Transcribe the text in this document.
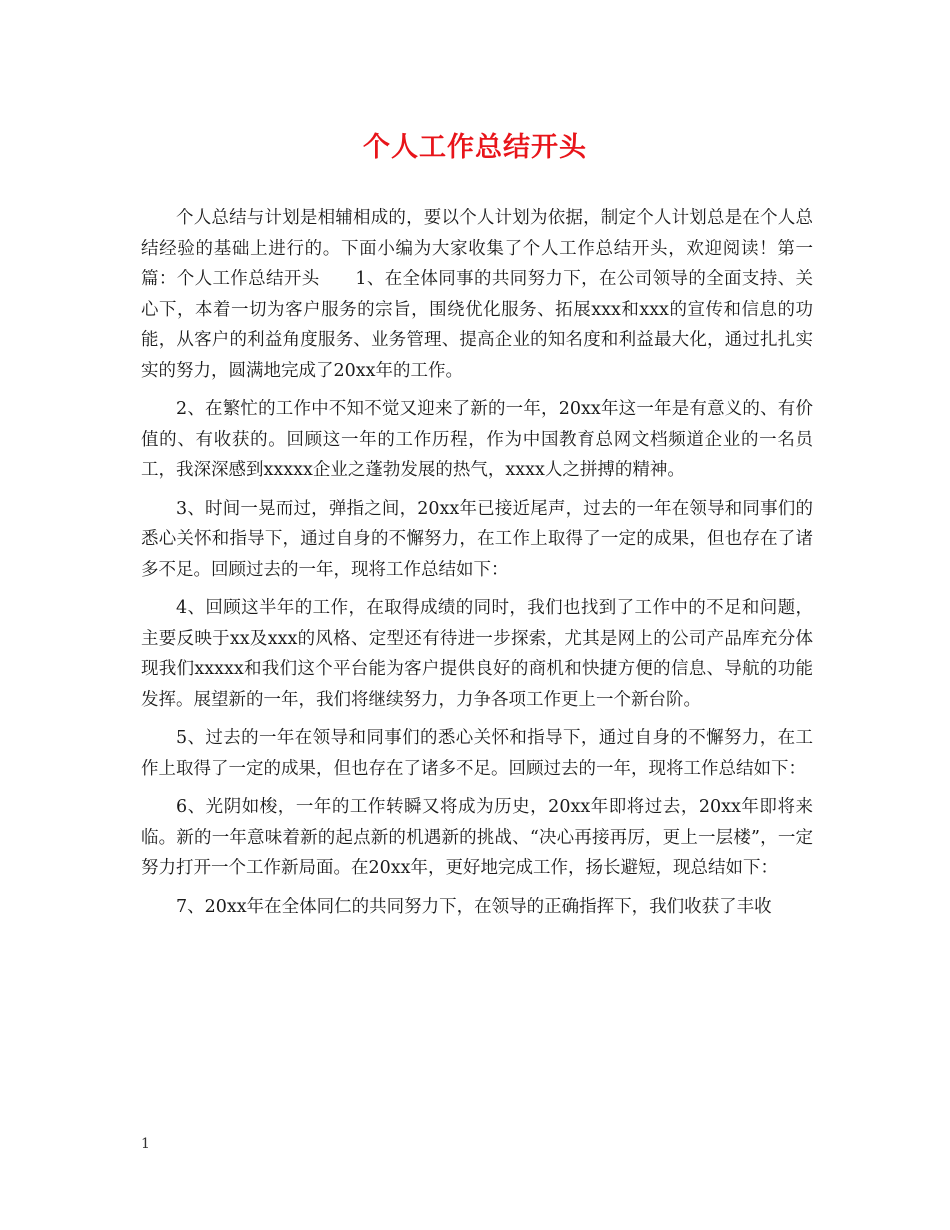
个人工作总结开头

个人总结与计划是相辅相成的，要以个人计划为依据，制定个人计划总是在个人总结经验的基础上进行的。下面小编为大家收集了个人工作总结开头，欢迎阅读！第一篇：个人工作总结开头　　1、在全体同事的共同努力下，在公司领导的全面支持、关心下，本着一切为客户服务的宗旨，围绕优化服务、拓展xxx和xxx的宣传和信息的功能，从客户的利益角度服务、业务管理、提高企业的知名度和利益最大化，通过扎扎实实的努力，圆满地完成了20xx年的工作。

2、在繁忙的工作中不知不觉又迎来了新的一年，20xx年这一年是有意义的、有价值的、有收获的。回顾这一年的工作历程，作为中国教育总网文档频道企业的一名员工，我深深感到xxxxx企业之蓬勃发展的热气，xxxx人之拼搏的精神。

3、时间一晃而过，弹指之间，20xx年已接近尾声，过去的一年在领导和同事们的悉心关怀和指导下，通过自身的不懈努力，在工作上取得了一定的成果，但也存在了诸多不足。回顾过去的一年，现将工作总结如下：

4、回顾这半年的工作，在取得成绩的同时，我们也找到了工作中的不足和问题，主要反映于xx及xxx的风格、定型还有待进一步探索，尤其是网上的公司产品库充分体现我们xxxxx和我们这个平台能为客户提供良好的商机和快捷方便的信息、导航的功能发挥。展望新的一年，我们将继续努力，力争各项工作更上一个新台阶。

5、过去的一年在领导和同事们的悉心关怀和指导下，通过自身的不懈努力，在工作上取得了一定的成果，但也存在了诸多不足。回顾过去的一年，现将工作总结如下：

6、光阴如梭，一年的工作转瞬又将成为历史，20xx年即将过去，20xx年即将来临。新的一年意味着新的起点新的机遇新的挑战、“决心再接再厉，更上一层楼”，一定努力打开一个工作新局面。在20xx年，更好地完成工作，扬长避短，现总结如下：

7、20xx年在全体同仁的共同努力下，在领导的正确指挥下，我们收获了丰收

1
